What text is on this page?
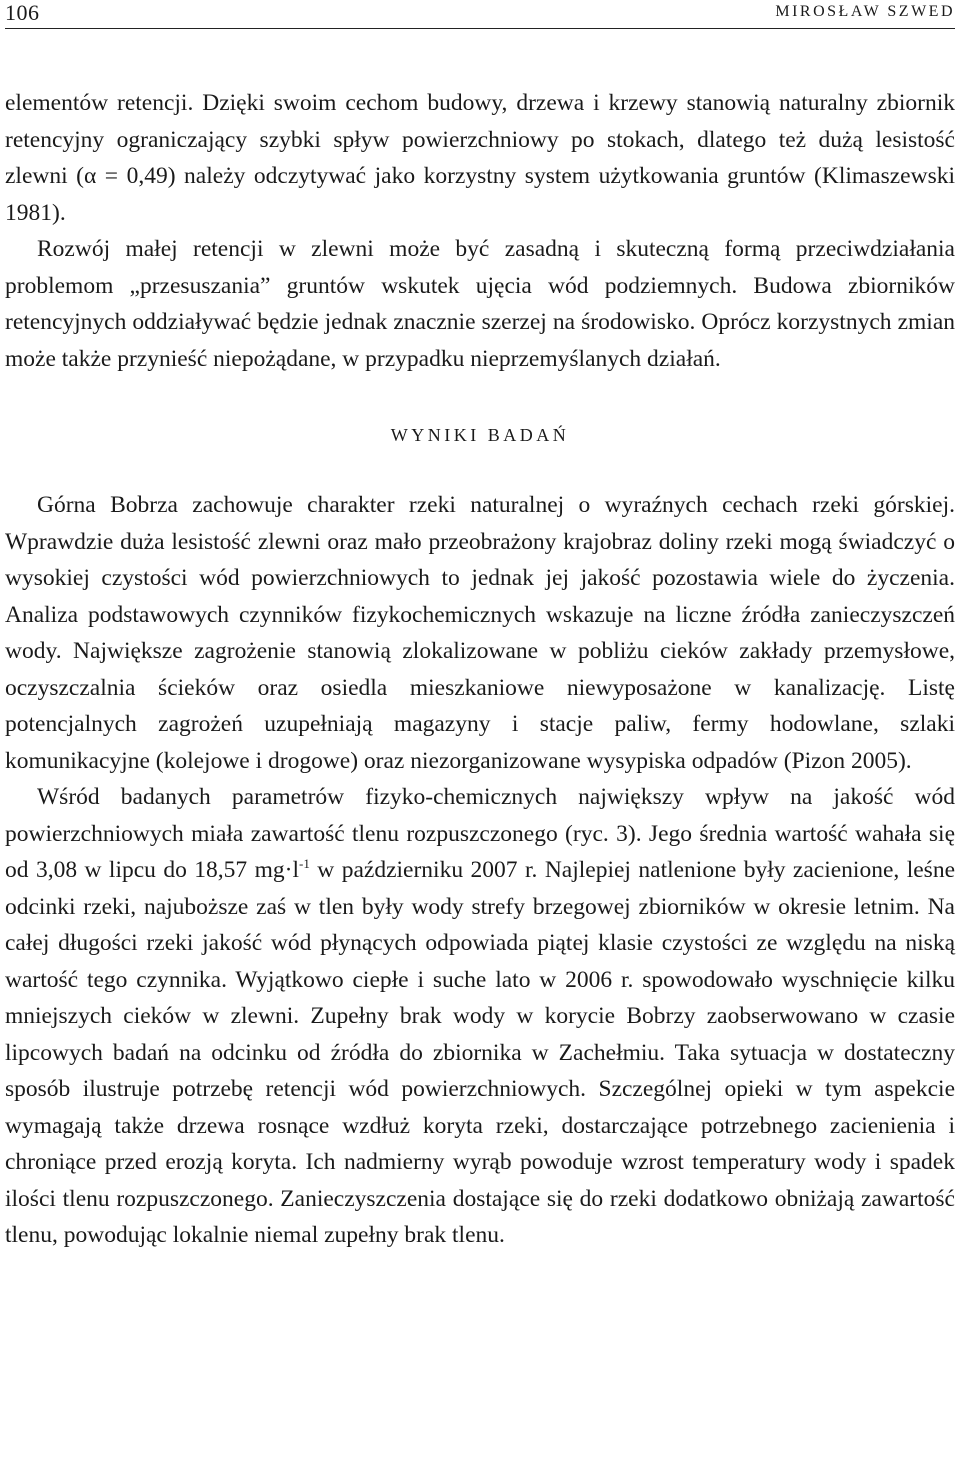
106	MIROSŁAW SZWED

elementów retencji. Dzięki swoim cechom budowy, drzewa i krzewy stanowią naturalny zbiornik retencyjny ograniczający szybki spływ powierzchniowy po stokach, dlatego też dużą lesistość zlewni (α = 0,49) należy odczytywać jako korzystny system użytkowania gruntów (Klimaszewski 1981).

Rozwój małej retencji w zlewni może być zasadną i skuteczną formą przeciwdziałania problemom „przesuszania” gruntów wskutek ujęcia wód podziemnych. Budowa zbiorników retencyjnych oddziaływać będzie jednak znacznie szerzej na środowisko. Oprócz korzystnych zmian może także przynieść niepożądane, w przypadku nieprzemyślanych działań.

WYNIKI BADAŃ

Górna Bobrza zachowuje charakter rzeki naturalnej o wyraźnych cechach rzeki górskiej. Wprawdzie duża lesistość zlewni oraz mało przeobrażony krajobraz doliny rzeki mogą świadczyć o wysokiej czystości wód powierzchniowych to jednak jej jakość pozostawia wiele do życzenia. Analiza podstawowych czynników fizykochemicznych wskazuje na liczne źródła zanieczyszczeń wody. Największe zagrożenie stanowią zlokalizowane w pobliżu cieków zakłady przemysłowe, oczyszczalnia ścieków oraz osiedla mieszkaniowe niewyposażone w kanalizację. Listę potencjalnych zagrożeń uzupełniają magazyny i stacje paliw, fermy hodowlane, szlaki komunikacyjne (kolejowe i drogowe) oraz niezorganizowane wysypiska odpadów (Pizon 2005).

Wśród badanych parametrów fizyko-chemicznych największy wpływ na jakość wód powierzchniowych miała zawartość tlenu rozpuszczonego (ryc. 3). Jego średnia wartość wahała się od 3,08 w lipcu do 18,57 $mg\cdot l^{-1}$ w październiku 2007 r. Najlepiej natlenione były zacienione, leśne odcinki rzeki, najuboższe zaś w tlen były wody strefy brzegowej zbiorników w okresie letnim. Na całej długości rzeki jakość wód płynących odpowiada piątej klasie czystości ze względu na niską wartość tego czynnika. Wyjątkowo ciepłe i suche lato w 2006 r. spowodowało wyschnięcie kilku mniejszych cieków w zlewni. Zupełny brak wody w korycie Bobrzy zaobserwowano w czasie lipcowych badań na odcinku od źródła do zbiornika w Zachełmiu. Taka sytuacja w dostateczny sposób ilustruje potrzebę retencji wód powierzchniowych. Szczególnej opieki w tym aspekcie wymagają także drzewa rosnące wzdłuż koryta rzeki, dostarczające potrzebnego zacienienia i chroniące przed erozją koryta. Ich nadmierny wyrąb powoduje wzrost temperatury wody i spadek ilości tlenu rozpuszczonego. Zanieczyszczenia dostające się do rzeki dodatkowo obniżają zawartość tlenu, powodując lokalnie niemal zupełny brak tlenu.
